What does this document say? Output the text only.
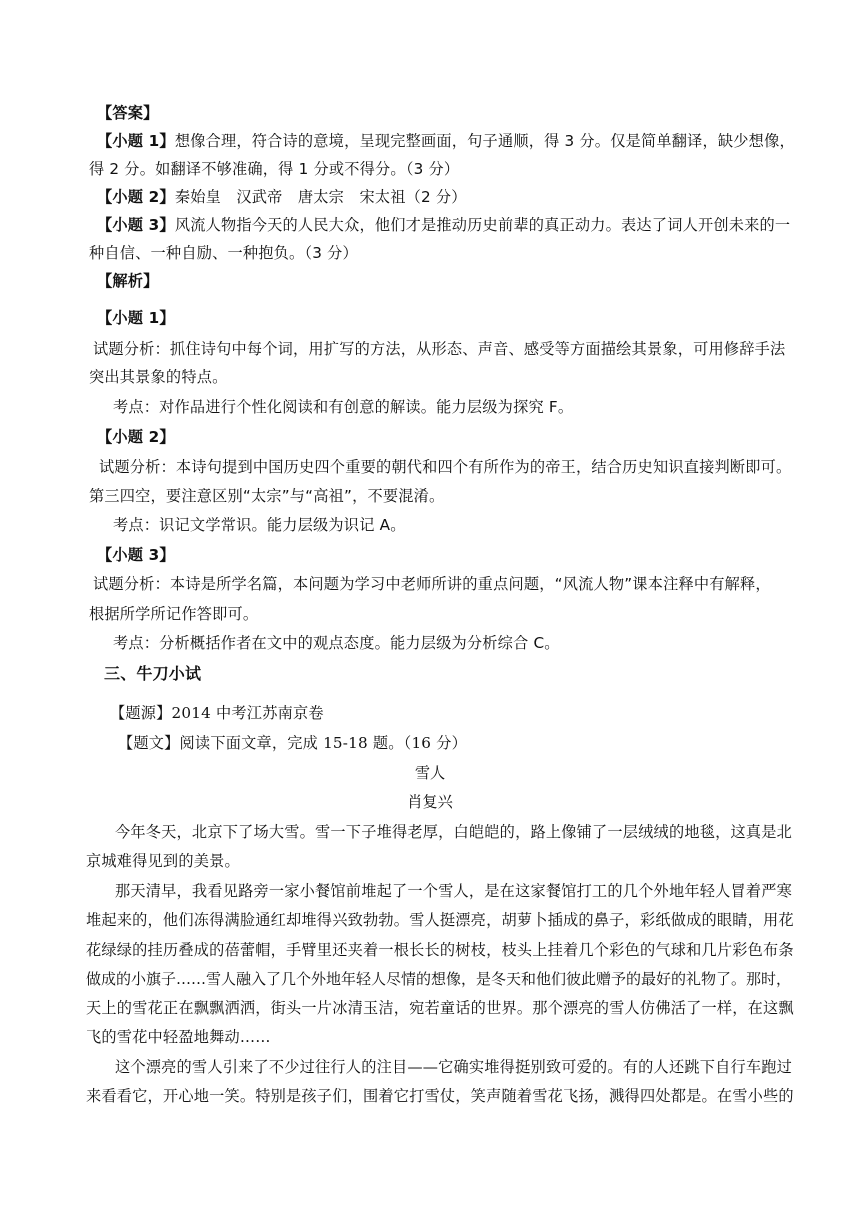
【答案】
【小题 1】想像合理，符合诗的意境，呈现完整画面，句子通顺，得 3 分。仅是简单翻译，缺少想像，
得 2 分。如翻译不够准确，得 1 分或不得分。（3 分）
【小题 2】秦始皇　汉武帝　唐太宗　宋太祖（2 分）
【小题 3】风流人物指今天的人民大众，他们才是推动历史前辈的真正动力。表达了词人开创未来的一
种自信、一种自励、一种抱负。（3 分）
【解析】
【小题 1】
试题分析：抓住诗句中每个词，用扩写的方法，从形态、声音、感受等方面描绘其景象，可用修辞手法
突出其景象的特点。
考点：对作品进行个性化阅读和有创意的解读。能力层级为探究 F。
【小题 2】
试题分析：本诗句提到中国历史四个重要的朝代和四个有所作为的帝王，结合历史知识直接判断即可。
第三四空，要注意区别“太宗”与“高祖”，不要混淆。
考点：识记文学常识。能力层级为识记 A。
【小题 3】
试题分析：本诗是所学名篇，本问题为学习中老师所讲的重点问题，“风流人物”课本注释中有解释，
根据所学所记作答即可。
考点：分析概括作者在文中的观点态度。能力层级为分析综合 C。
三、牛刀小试
【题源】2014 中考江苏南京卷
【题文】阅读下面文章，完成 15-18 题。（16 分）
雪人
肖复兴
今年冬天，北京下了场大雪。雪一下子堆得老厚，白皑皑的，路上像铺了一层绒绒的地毯，这真是北
京城难得见到的美景。
那天清早，我看见路旁一家小餐馆前堆起了一个雪人，是在这家餐馆打工的几个外地年轻人冒着严寒
堆起来的，他们冻得满脸通红却堆得兴致勃勃。雪人挺漂亮，胡萝卜插成的鼻子，彩纸做成的眼睛，用花
花绿绿的挂历叠成的蓓蕾帽，手臂里还夹着一根长长的树枝，枝头上挂着几个彩色的气球和几片彩色布条
做成的小旗子……雪人融入了几个外地年轻人尽情的想像，是冬天和他们彼此赠予的最好的礼物了。那时，
天上的雪花正在飘飘洒洒，街头一片冰清玉洁，宛若童话的世界。那个漂亮的雪人仿佛活了一样，在这飘
飞的雪花中轻盈地舞动……
这个漂亮的雪人引来了不少过往行人的注目——它确实堆得挺别致可爱的。有的人还跳下自行车跑过
来看看它，开心地一笑。特别是孩子们，围着它打雪仗，笑声随着雪花飞扬，溅得四处都是。在雪小些的
